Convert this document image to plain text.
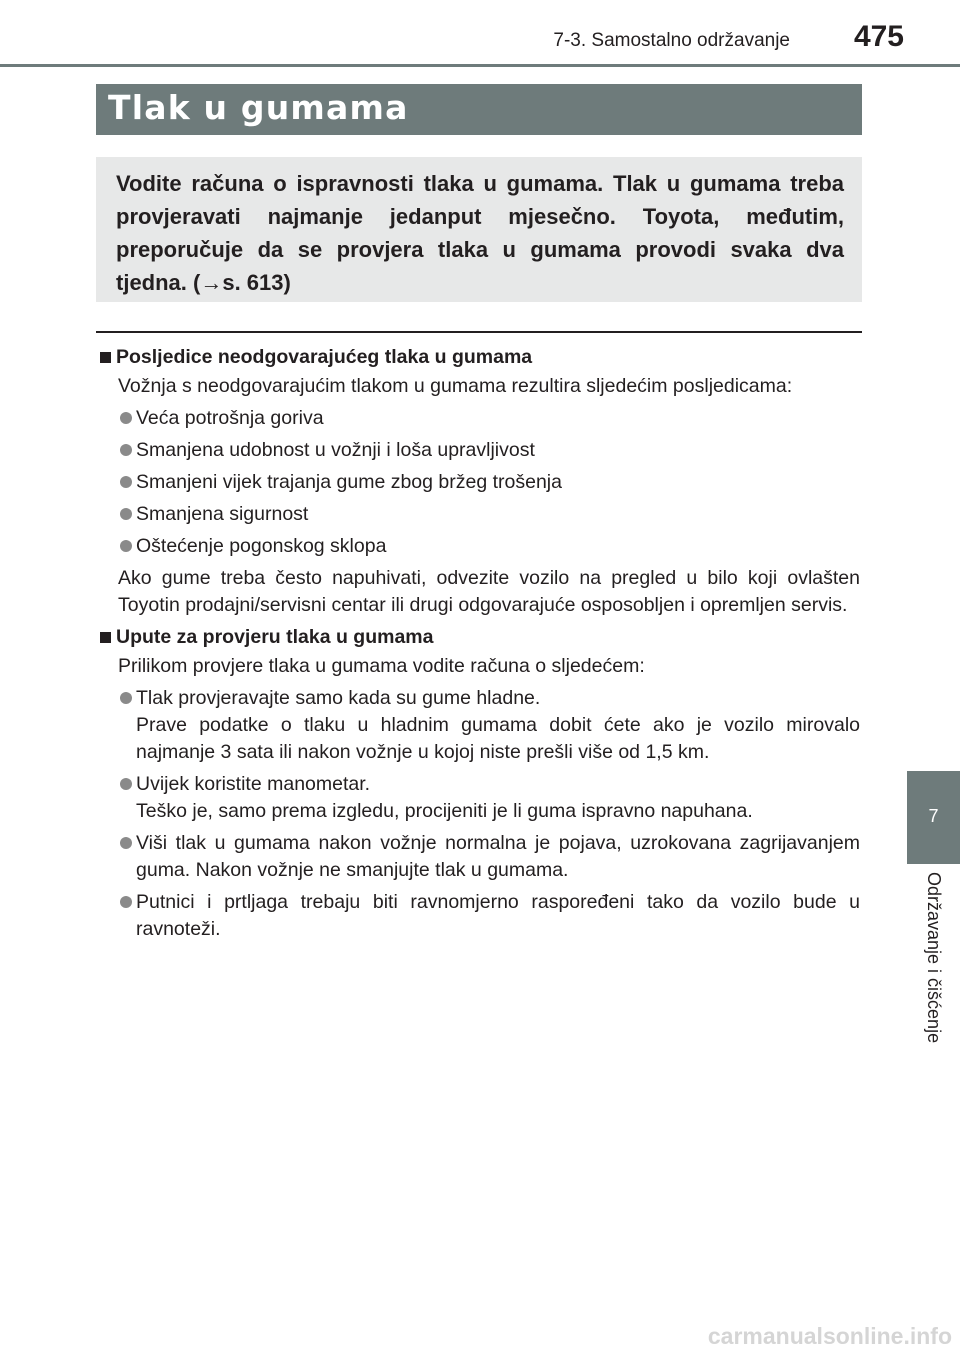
7-3. Samostalno održavanje	475
Tlak u gumama

Vodite računa o ispravnosti tlaka u gumama. Tlak u gumama treba provjeravati najmanje jedanput mjesečno. Toyota, međutim, preporučuje da se provjera tlaka u gumama provodi svaka dva tjedna. (→s. 613)

Posljedice neodgovarajućeg tlaka u gumama
Vožnja s neodgovarajućim tlakom u gumama rezultira sljedećim posljedicama:
Veća potrošnja goriva
Smanjena udobnost u vožnji i loša upravljivost
Smanjeni vijek trajanja gume zbog bržeg trošenja
Smanjena sigurnost
Oštećenje pogonskog sklopa
Ako gume treba često napuhivati, odvezite vozilo na pregled u bilo koji ovlašten Toyotin prodajni/servisni centar ili drugi odgovarajuće osposobljen i opremljen servis.
Upute za provjeru tlaka u gumama
Prilikom provjere tlaka u gumama vodite računa o sljedećem:
Tlak provjeravajte samo kada su gume hladne.
Prave podatke o tlaku u hladnim gumama dobit ćete ako je vozilo mirovalo najmanje 3 sata ili nakon vožnje u kojoj niste prešli više od 1,5 km.
Uvijek koristite manometar.
Teško je, samo prema izgledu, procijeniti je li guma ispravno napuhana.
Viši tlak u gumama nakon vožnje normalna je pojava, uzrokovana zagrijavanjem guma. Nakon vožnje ne smanjujte tlak u gumama.
Putnici i prtljaga trebaju biti ravnomjerno raspoređeni tako da vozilo bude u ravnoteži.
7
Održavanje i čišćenje
carmanualsonline.info
